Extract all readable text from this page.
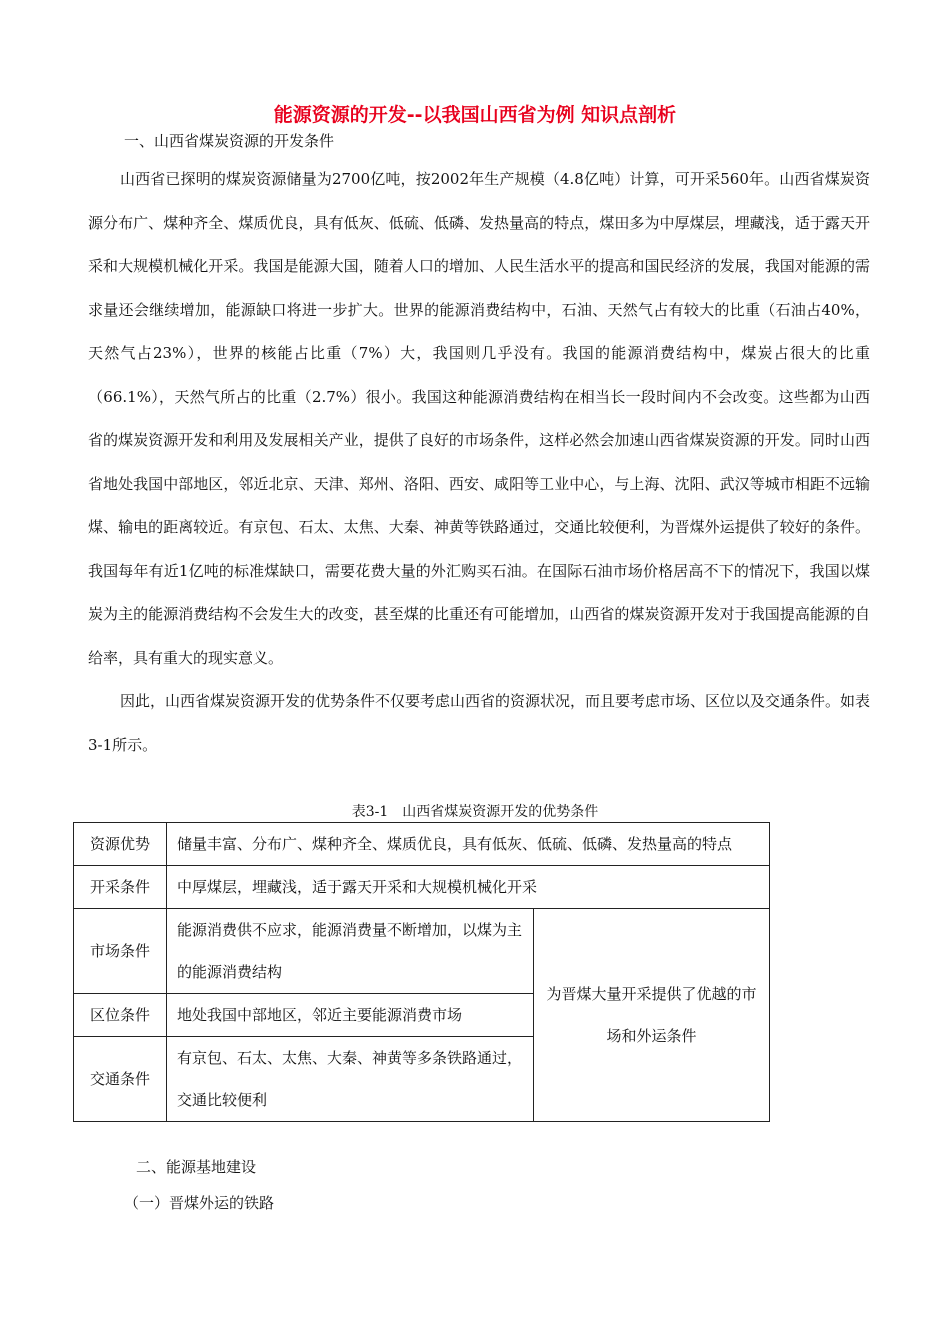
能源资源的开发--以我国山西省为例 知识点剖析
一、山西省煤炭资源的开发条件

山西省已探明的煤炭资源储量为2700亿吨，按2002年生产规模（4.8亿吨）计算，可开采560年。山西省煤炭资源分布广、煤种齐全、煤质优良，具有低灰、低硫、低磷、发热量高的特点，煤田多为中厚煤层，埋藏浅，适于露天开采和大规模机械化开采。我国是能源大国，随着人口的增加、人民生活水平的提高和国民经济的发展，我国对能源的需求量还会继续增加，能源缺口将进一步扩大。世界的能源消费结构中，石油、天然气占有较大的比重（石油占40%，天然气占23%），世界的核能占比重（7%）大，我国则几乎没有。我国的能源消费结构中，煤炭占很大的比重（66.1%），天然气所占的比重（2.7%）很小。我国这种能源消费结构在相当长一段时间内不会改变。这些都为山西省的煤炭资源开发和利用及发展相关产业，提供了良好的市场条件，这样必然会加速山西省煤炭资源的开发。同时山西省地处我国中部地区，邻近北京、天津、郑州、洛阳、西安、咸阳等工业中心，与上海、沈阳、武汉等城市相距不远输煤、输电的距离较近。有京包、石太、太焦、大秦、神黄等铁路通过，交通比较便利，为晋煤外运提供了较好的条件。我国每年有近1亿吨的标准煤缺口，需要花费大量的外汇购买石油。在国际石油市场价格居高不下的情况下，我国以煤炭为主的能源消费结构不会发生大的改变，甚至煤的比重还有可能增加，山西省的煤炭资源开发对于我国提高能源的自给率，具有重大的现实意义。

因此，山西省煤炭资源开发的优势条件不仅要考虑山西省的资源状况，而且要考虑市场、区位以及交通条件。如表3-1所示。

表3-1　山西省煤炭资源开发的优势条件
资源优势	储量丰富、分布广、煤种齐全、煤质优良，具有低灰、低硫、低磷、发热量高的特点	
开采条件	中厚煤层，埋藏浅，适于露天开采和大规模机械化开采	
市场条件	能源消费供不应求，能源消费量不断增加，以煤为主的能源消费结构	为晋煤大量开采提供了优越的市场和外运条件
区位条件	地处我国中部地区，邻近主要能源消费市场	
交通条件	有京包、石太、太焦、大秦、神黄等多条铁路通过，交通比较便利	
二、能源基地建设
（一）晋煤外运的铁路
